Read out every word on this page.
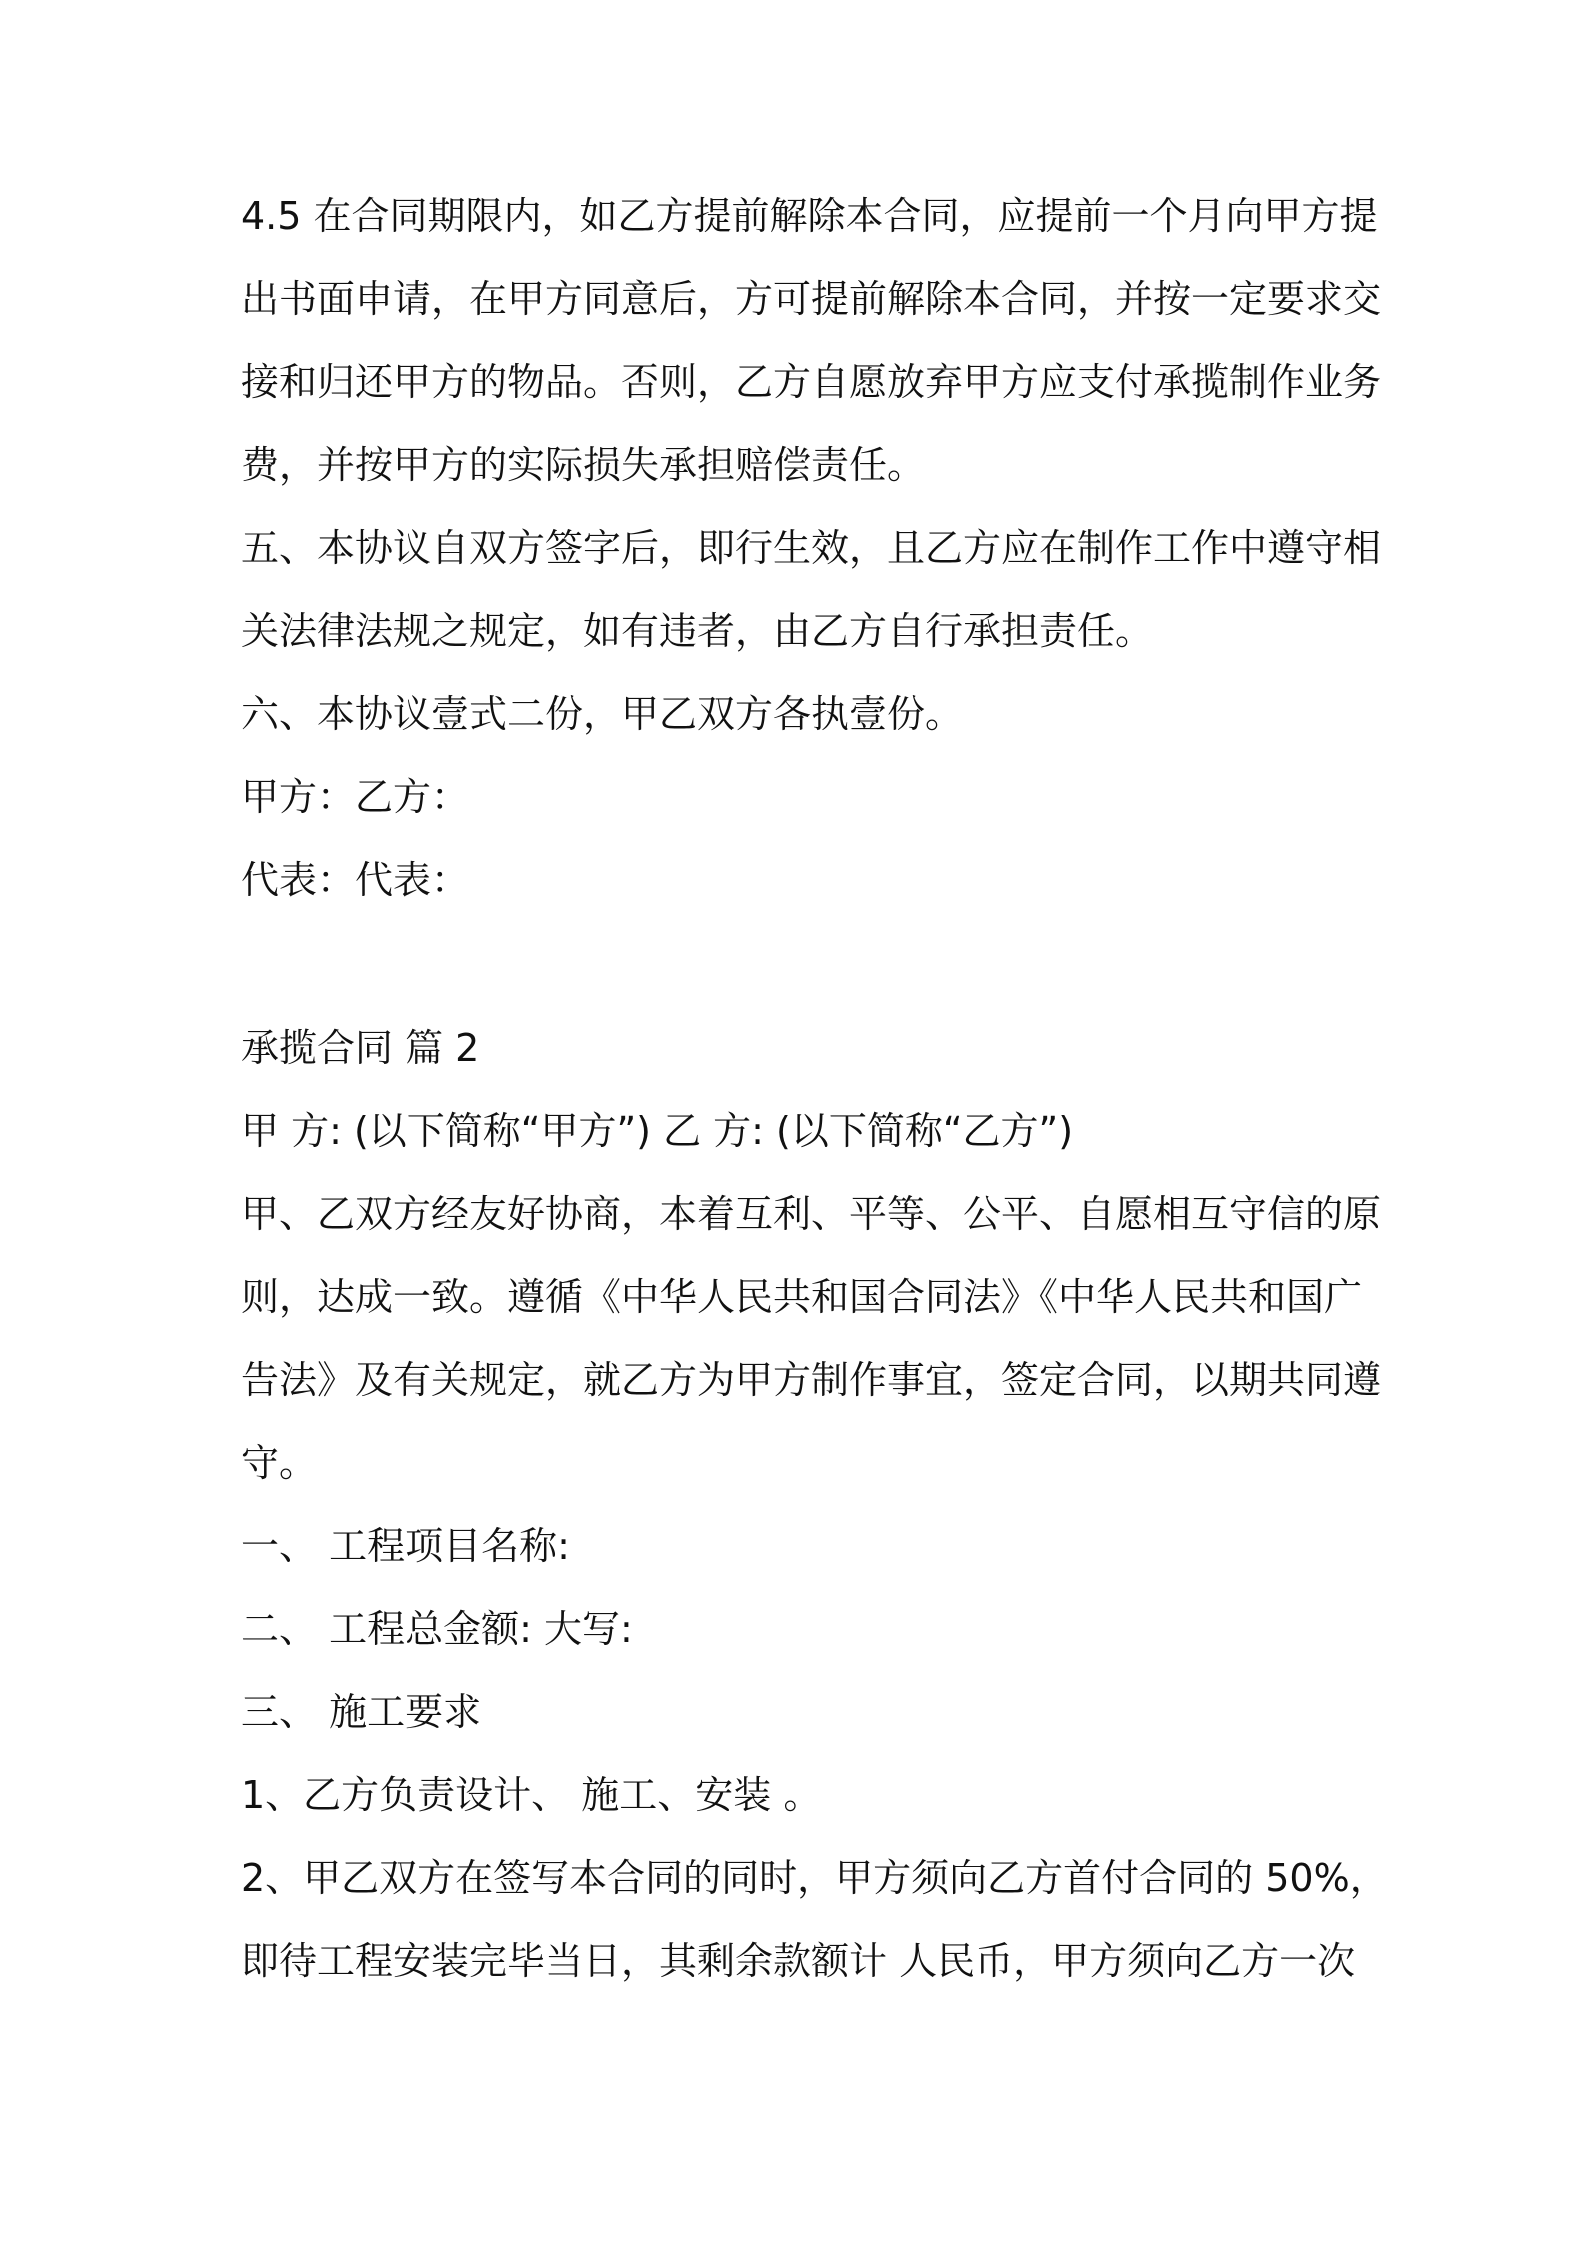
4.5 在合同期限内，如乙方提前解除本合同，应提前一个月向甲方提
出书面申请，在甲方同意后，方可提前解除本合同，并按一定要求交
接和归还甲方的物品。否则，乙方自愿放弃甲方应支付承揽制作业务
费，并按甲方的实际损失承担赔偿责任。
五、本协议自双方签字后，即行生效，且乙方应在制作工作中遵守相
关法律法规之规定，如有违者，由乙方自行承担责任。
六、本协议壹式二份，甲乙双方各执壹份。
甲方：乙方：
代表：代表：
承揽合同 篇 2
甲 方: (以下简称“甲方”) 乙 方: (以下简称“乙方”)
甲、乙双方经友好协商，本着互利、平等、公平、自愿相互守信的原
则，达成一致。遵循《中华人民共和国合同法》《中华人民共和国广
告法》及有关规定，就乙方为甲方制作事宜，签定合同，以期共同遵
守。
一、 工程项目名称:
二、 工程总金额: 大写:
三、 施工要求
1、乙方负责设计、 施工、安装 。
2、甲乙双方在签写本合同的同时，甲方须向乙方首付合同的 50%，
即待工程安装完毕当日，其剩余款额计 人民币，甲方须向乙方一次
